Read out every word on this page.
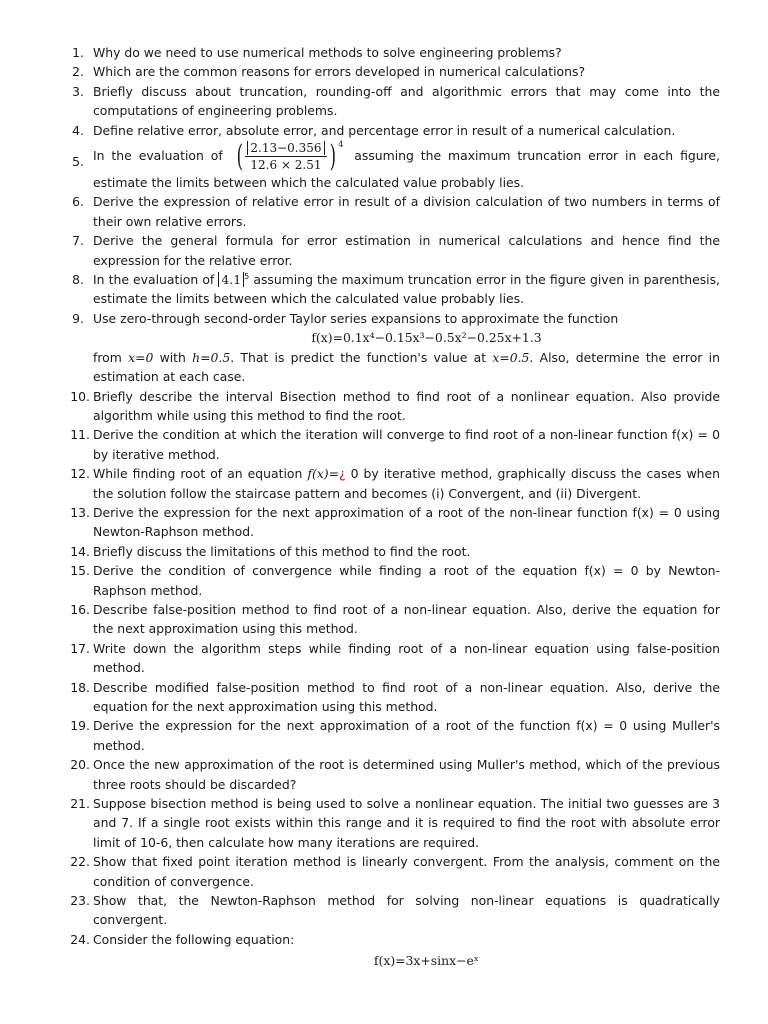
1. Why do we need to use numerical methods to solve engineering problems?
2. Which are the common reasons for errors developed in numerical calculations?
3. Briefly discuss about truncation, rounding-off and algorithmic errors that may come into the computations of engineering problems.
4. Define relative error, absolute error, and percentage error in result of a numerical calculation.
5. In the evaluation of ( $\frac{2.13-0.356}{12.6 \times 2.51}$ ) $^4$
assuming the maximum truncation error in each figure, estimate the limits between which the calculated value probably lies.
6. Derive the expression of relative error in result of a division calculation of two numbers in terms of their own relative errors.
7. Derive the general formula for error estimation in numerical calculations and hence find the expression for the relative error.
8. In the evaluation of 4.1 $^5$ assuming the maximum truncation error in the figure given in parenthesis, estimate the limits between which the calculated value probably lies.
9. Use zero-through second-order Taylor series expansions to approximate the function
f(x)=0.1x⁴−0.15x³−0.5x²−0.25x+1.3
from x=0 with h=0.5. That is predict the function's value at x=0.5. Also, determine the error in estimation at each case.
10. Briefly describe the interval Bisection method to find root of a nonlinear equation. Also provide algorithm while using this method to find the root.
11. Derive the condition at which the iteration will converge to find root of a non-linear function f(x) = 0 by iterative method.
12. While finding root of an equation f(x)=¿ 0 by iterative method, graphically discuss the cases when the solution follow the staircase pattern and becomes (i) Convergent, and (ii) Divergent.
13. Derive the expression for the next approximation of a root of the non-linear function f(x) = 0 using Newton-Raphson method.
14. Briefly discuss the limitations of this method to find the root.
15. Derive the condition of convergence while finding a root of the equation f(x) = 0 by Newton-Raphson method.
16. Describe false-position method to find root of a non-linear equation. Also, derive the equation for the next approximation using this method.
17. Write down the algorithm steps while finding root of a non-linear equation using false-position method.
18. Describe modified false-position method to find root of a non-linear equation. Also, derive the equation for the next approximation using this method.
19. Derive the expression for the next approximation of a root of the function f(x) = 0 using Muller's method.
20. Once the new approximation of the root is determined using Muller's method, which of the previous three roots should be discarded?
21. Suppose bisection method is being used to solve a nonlinear equation. The initial two guesses are 3 and 7. If a single root exists within this range and it is required to find the root with absolute error limit of 10-6, then calculate how many iterations are required.
22. Show that fixed point iteration method is linearly convergent. From the analysis, comment on the condition of convergence.
23. Show that, the Newton-Raphson method for solving non-linear equations is quadratically convergent.
24. Consider the following equation:
f(x)=3x+sinx−eˣ
